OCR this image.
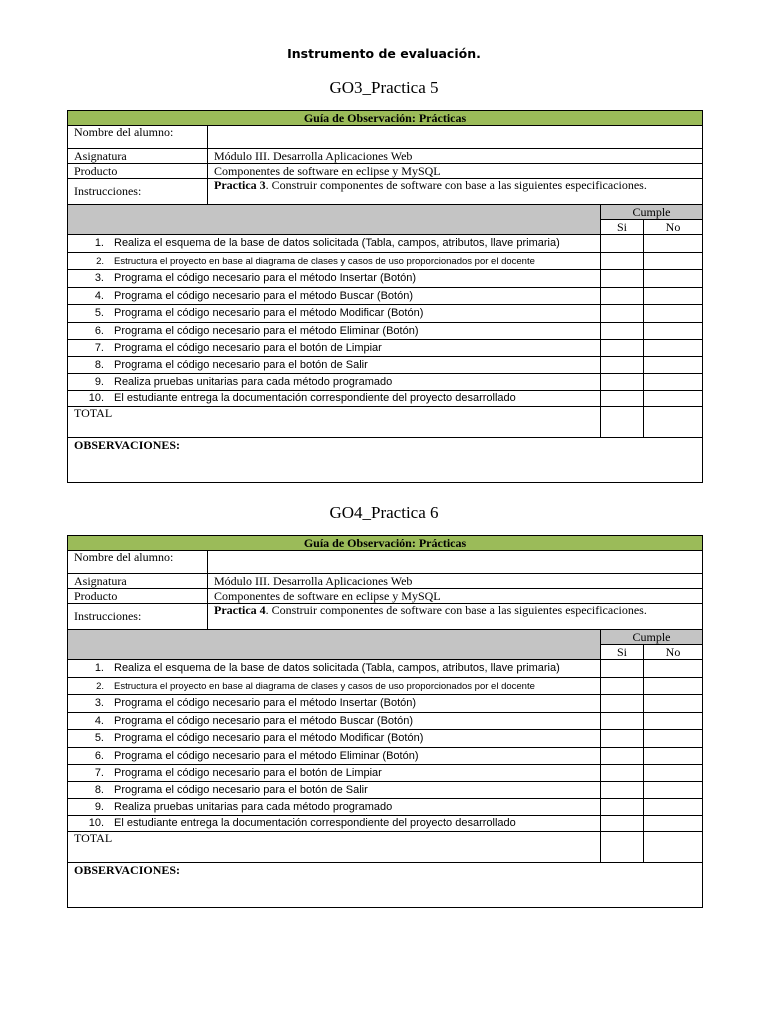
Instrumento de evaluación.
GO3_Practica 5
Guía de Observación: Prácticas			
Nombre del alumno:			
Asignatura	Módulo III. Desarrolla Aplicaciones Web		
Producto	Componentes de software en eclipse y MySQL		
Instrucciones:	Practica 3. Construir componentes de software con base a las siguientes especificaciones.		
		Cumple	
		Si	No
1. Realiza el esquema de la base de datos solicitada (Tabla, campos, atributos, llave primaria)			
2. Estructura el proyecto en base al diagrama de clases y casos de uso proporcionados por el docente			
3. Programa el código necesario para el método Insertar (Botón)			
4. Programa el código necesario para el método Buscar (Botón)			
5. Programa el código necesario para el método Modificar (Botón)			
6. Programa el código necesario para el método Eliminar (Botón)			
7. Programa el código necesario para el botón de Limpiar			
8. Programa el código necesario para el botón de Salir			
9. Realiza pruebas unitarias para cada método programado			
10. El estudiante entrega la documentación correspondiente del proyecto desarrollado			
TOTAL			
OBSERVACIONES:			
GO4_Practica 6
Guía de Observación: Prácticas			
Nombre del alumno:			
Asignatura	Módulo III. Desarrolla Aplicaciones Web		
Producto	Componentes de software en eclipse y MySQL		
Instrucciones:	Practica 4. Construir componentes de software con base a las siguientes especificaciones.		
		Cumple	
		Si	No
1. Realiza el esquema de la base de datos solicitada (Tabla, campos, atributos, llave primaria)			
2. Estructura el proyecto en base al diagrama de clases y casos de uso proporcionados por el docente			
3. Programa el código necesario para el método Insertar (Botón)			
4. Programa el código necesario para el método Buscar (Botón)			
5. Programa el código necesario para el método Modificar (Botón)			
6. Programa el código necesario para el método Eliminar (Botón)			
7. Programa el código necesario para el botón de Limpiar			
8. Programa el código necesario para el botón de Salir			
9. Realiza pruebas unitarias para cada método programado			
10. El estudiante entrega la documentación correspondiente del proyecto desarrollado			
TOTAL			
OBSERVACIONES:			
